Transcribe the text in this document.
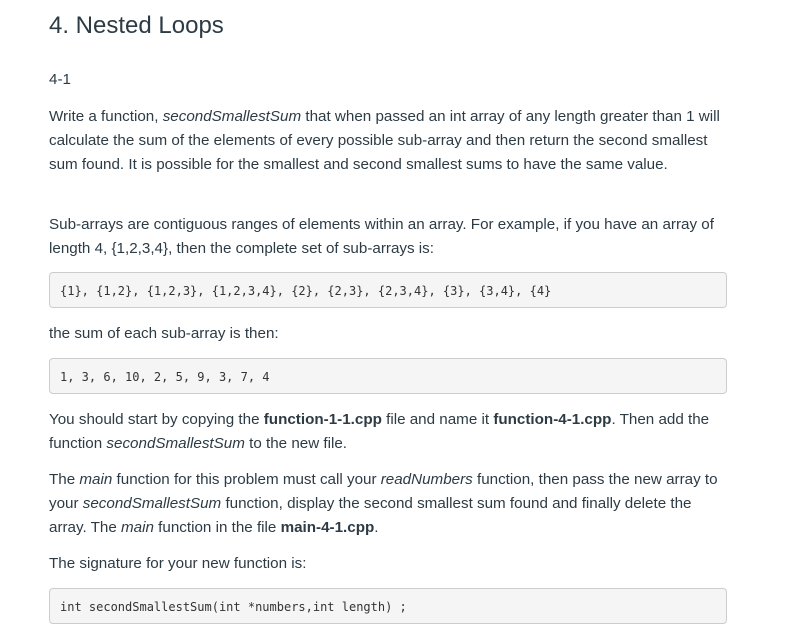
4. Nested Loops

4-1

Write a function, secondSmallestSum that when passed an int array of any length greater than 1 will calculate the sum of the elements of every possible sub-array and then return the second smallest sum found. It is possible for the smallest and second smallest sums to have the same value.

Sub-arrays are contiguous ranges of elements within an array. For example, if you have an array of length 4, {1,2,3,4}, then the complete set of sub-arrays is:

{1}, {1,2}, {1,2,3}, {1,2,3,4}, {2}, {2,3}, {2,3,4}, {3}, {3,4}, {4}

the sum of each sub-array is then:

1, 3, 6, 10, 2, 5, 9, 3, 7, 4

You should start by copying the function-1-1.cpp file and name it function-4-1.cpp. Then add the function secondSmallestSum to the new file.

The main function for this problem must call your readNumbers function, then pass the new array to your secondSmallestSum function, display the second smallest sum found and finally delete the array. The main function in the file main-4-1.cpp.

The signature for your new function is:

int secondSmallestSum(int *numbers,int length) ;
